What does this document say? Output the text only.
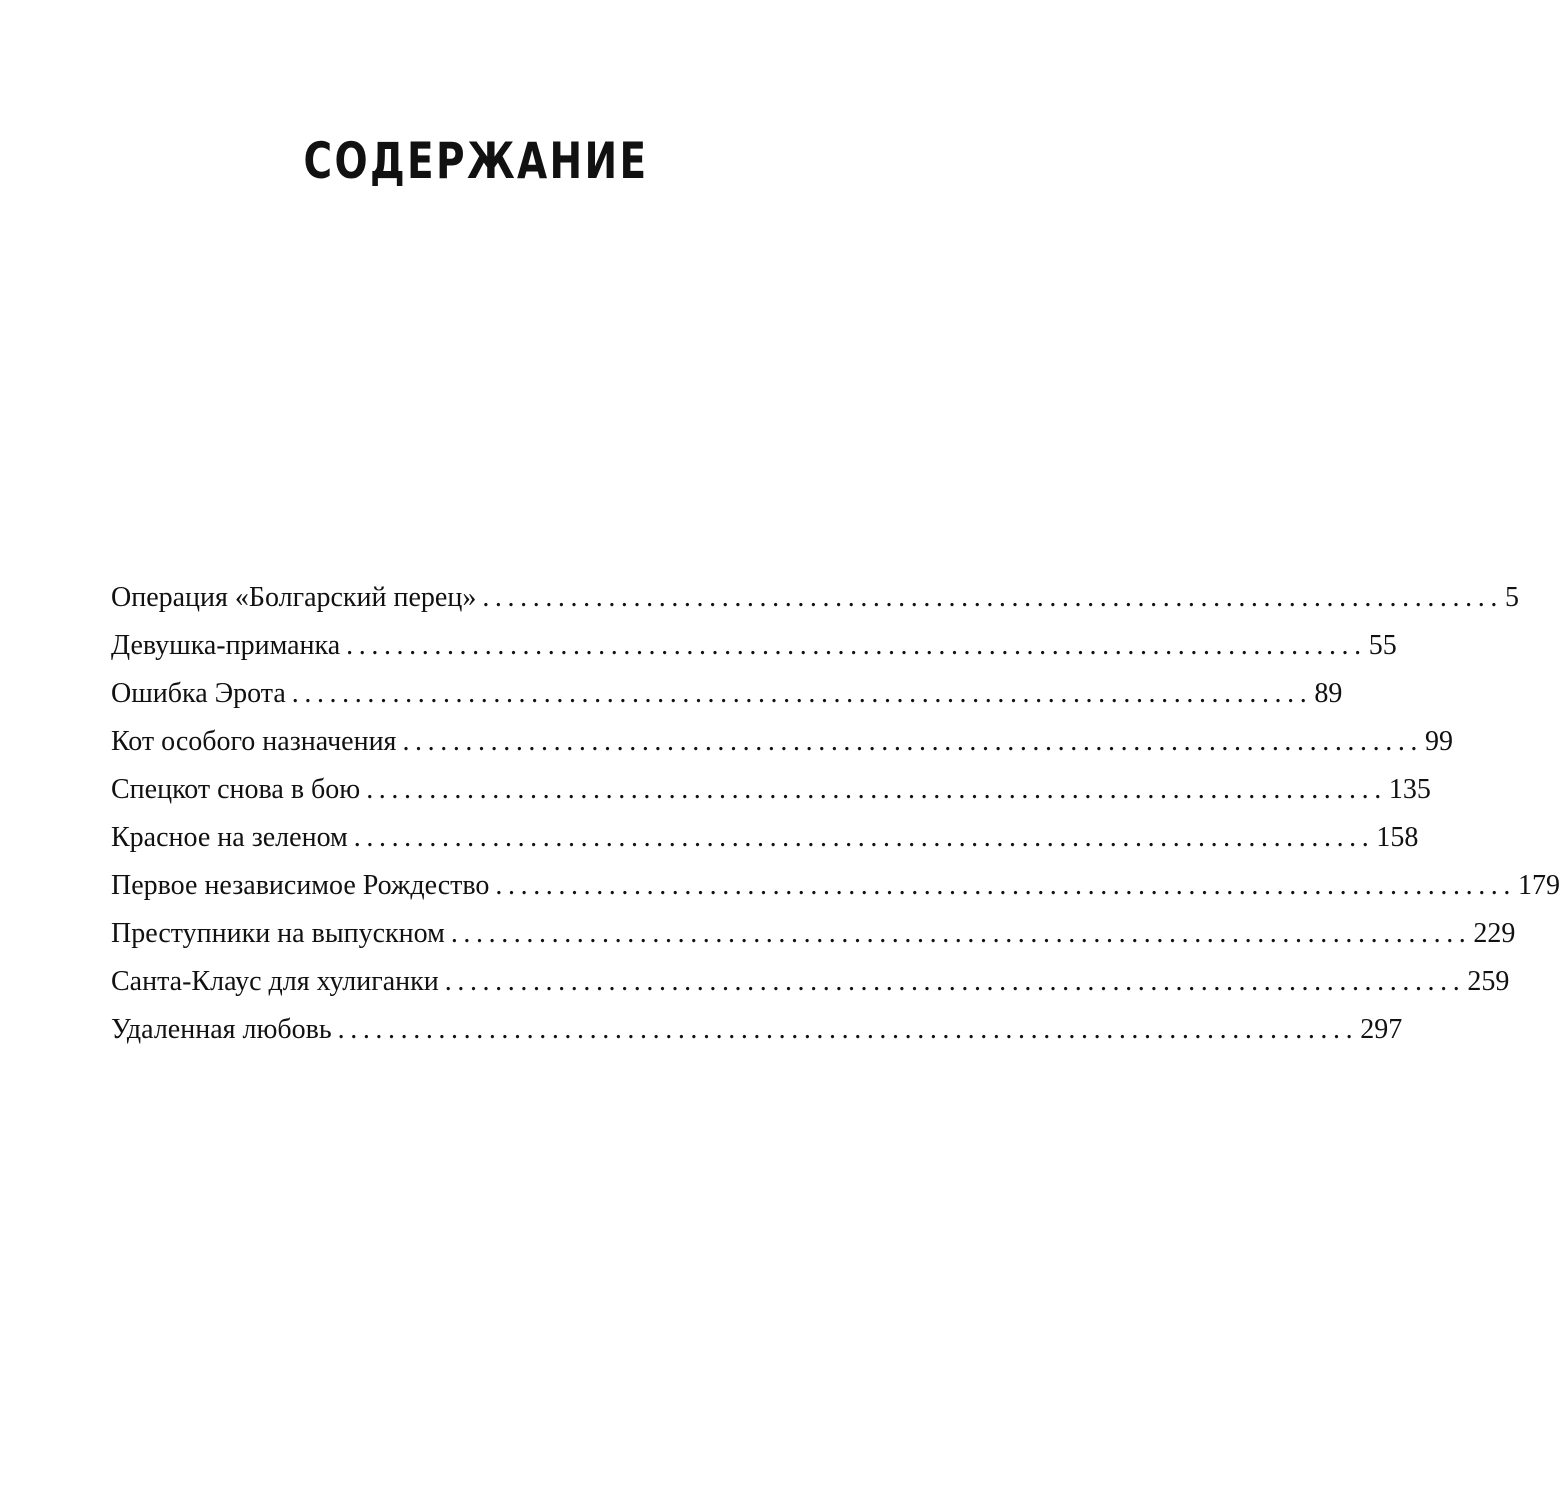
СОДЕРЖАНИЕ
Операция «Болгарский перец» ................................................................................. 5
Девушка-приманка ................................................................................. 55
Ошибка Эрота ................................................................................. 89
Кот особого назначения ................................................................................. 99
Спецкот снова в бою ................................................................................. 135
Красное на зеленом ................................................................................. 158
Первое независимое Рождество ................................................................................. 179
Преступники на выпускном ................................................................................. 229
Санта-Клаус для хулиганки ................................................................................. 259
Удаленная любовь ................................................................................. 297
